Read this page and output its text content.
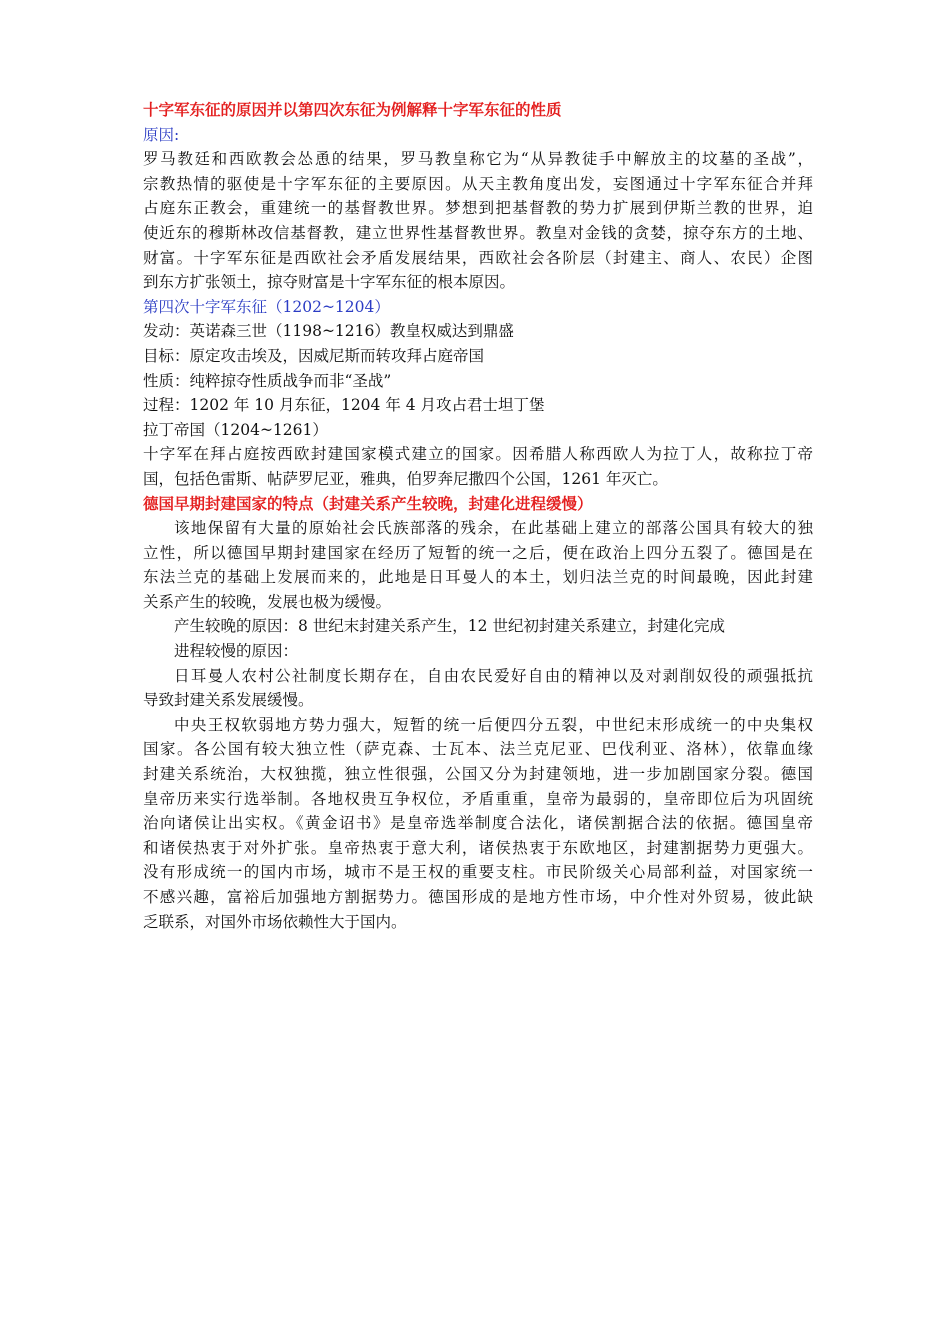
十字军东征的原因并以第四次东征为例解释十字军东征的性质

原因:

罗马教廷和西欧教会怂恿的结果，罗马教皇称它为“从异教徒手中解放主的坟墓的圣战”，

宗教热情的驱使是十字军东征的主要原因。从天主教角度出发，妄图通过十字军东征合并拜

占庭东正教会，重建统一的基督教世界。梦想到把基督教的势力扩展到伊斯兰教的世界，迫

使近东的穆斯林改信基督教，建立世界性基督教世界。教皇对金钱的贪婪，掠夺东方的土地、

财富。十字军东征是西欧社会矛盾发展结果，西欧社会各阶层（封建主、商人、农民）企图

到东方扩张领土，掠夺财富是十字军东征的根本原因。

第四次十字军东征（1202~1204）

发动：英诺森三世（1198~1216）教皇权威达到鼎盛

目标：原定攻击埃及，因威尼斯而转攻拜占庭帝国

性质：纯粹掠夺性质战争而非“圣战”

过程：1202 年 10 月东征，1204 年 4 月攻占君士坦丁堡

拉丁帝国（1204~1261）

十字军在拜占庭按西欧封建国家模式建立的国家。因希腊人称西欧人为拉丁人，故称拉丁帝

国，包括色雷斯、帖萨罗尼亚，雅典，伯罗奔尼撒四个公国，1261 年灭亡。

德国早期封建国家的特点（封建关系产生较晚，封建化进程缓慢）

该地保留有大量的原始社会氏族部落的残余，在此基础上建立的部落公国具有较大的独

立性，所以德国早期封建国家在经历了短暂的统一之后，便在政治上四分五裂了。德国是在

东法兰克的基础上发展而来的，此地是日耳曼人的本土，划归法兰克的时间最晚，因此封建

关系产生的较晚，发展也极为缓慢。

产生较晚的原因：8 世纪末封建关系产生，12 世纪初封建关系建立，封建化完成

进程较慢的原因：

日耳曼人农村公社制度长期存在，自由农民爱好自由的精神以及对剥削奴役的顽强抵抗

导致封建关系发展缓慢。

中央王权软弱地方势力强大，短暂的统一后便四分五裂，中世纪末形成统一的中央集权

国家。各公国有较大独立性（萨克森、士瓦本、法兰克尼亚、巴伐利亚、洛林），依靠血缘

封建关系统治，大权独揽，独立性很强，公国又分为封建领地，进一步加剧国家分裂。德国

皇帝历来实行选举制。各地权贵互争权位，矛盾重重，皇帝为最弱的，皇帝即位后为巩固统

治向诸侯让出实权。《黄金诏书》是皇帝选举制度合法化，诸侯割据合法的依据。德国皇帝

和诸侯热衷于对外扩张。皇帝热衷于意大利，诸侯热衷于东欧地区，封建割据势力更强大。

没有形成统一的国内市场，城市不是王权的重要支柱。市民阶级关心局部利益，对国家统一

不感兴趣，富裕后加强地方割据势力。德国形成的是地方性市场，中介性对外贸易，彼此缺

乏联系，对国外市场依赖性大于国内。
